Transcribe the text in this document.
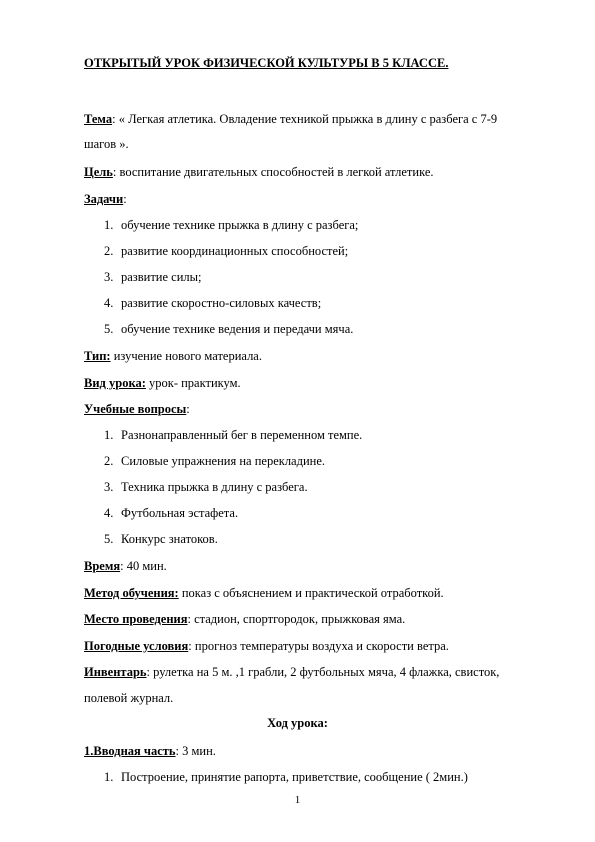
ОТКРЫТЫЙ УРОК ФИЗИЧЕСКОЙ КУЛЬТУРЫ В 5 КЛАССЕ.
Тема: « Легкая атлетика. Овладение техникой прыжка в длину с разбега с 7-9
шагов ».
Цель: воспитание двигательных способностей в легкой атлетике.
Задачи:
1. обучение технике прыжка в длину с разбега;
2. развитие координационных способностей;
3. развитие силы;
4. развитие скоростно-силовых качеств;
5. обучение технике ведения и передачи мяча.
Тип: изучение нового материала.
Вид урока: урок- практикум.
Учебные вопросы:
1. Разнонаправленный бег в переменном темпе.
2. Силовые упражнения на перекладине.
3. Техника прыжка в длину с разбега.
4. Футбольная эстафета.
5. Конкурс знатоков.
Время: 40 мин.
Метод обучения: показ с объяснением и практической отработкой.
Место проведения: стадион, спортгородок, прыжковая яма.
Погодные условия: прогноз температуры воздуха и скорости ветра.
Инвентарь: рулетка на 5 м. ,1 грабли, 2 футбольных мяча, 4 флажка, свисток,
полевой журнал.
Ход урока:
1.Вводная часть: 3 мин.
1. Построение, принятие рапорта, приветствие, сообщение ( 2мин.)
1
